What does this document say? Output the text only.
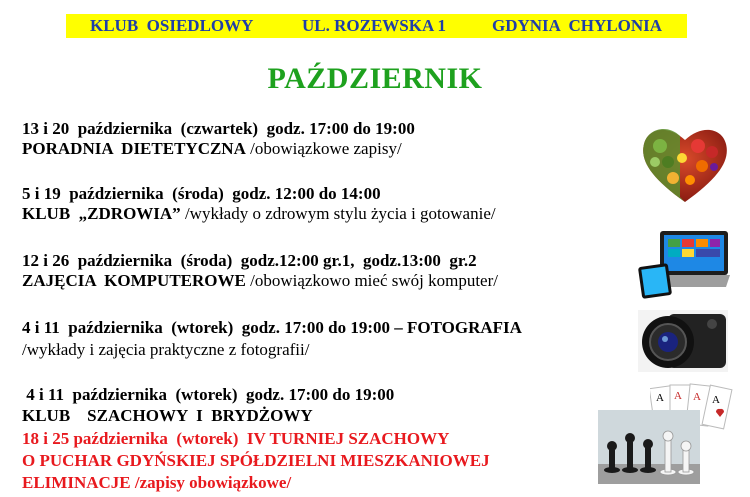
KLUB  OSIEDLOWY

	UL. ROZEWSKA 1

	GDYNIA  CHYLONIA

PAŹDZIERNIK
13 i 20  października  (czwartek)  godz. 17:00 do 19:00
PORADNIA  DIETETYCZNA /obowiązkowe zapisy/
5 i 19  października  (środa)  godz. 12:00 do 14:00
KLUB  „ZDROWIA” /wykłady o zdrowym stylu życia i gotowanie/
12 i 26  października  (środa)  godz.12:00 gr.1,  godz.13:00  gr.2
ZAJĘCIA  KOMPUTEROWE /obowiązkowo mieć swój komputer/
4 i 11  października  (wtorek)  godz. 17:00 do 19:00 – FOTOGRAFIA
/wykłady i zajęcia praktyczne z fotografii/
4 i 11  października  (wtorek)  godz. 17:00 do 19:00
KLUB    SZACHOWY  I  BRYDŻOWY
18 i 25 października  (wtorek)  IV TURNIEJ SZACHOWY
O PUCHAR GDYŃSKIEJ SPÓŁDZIELNI MIESZKANIOWEJ
ELIMINACJE /zapisy obowiązkowe/
A A A A
